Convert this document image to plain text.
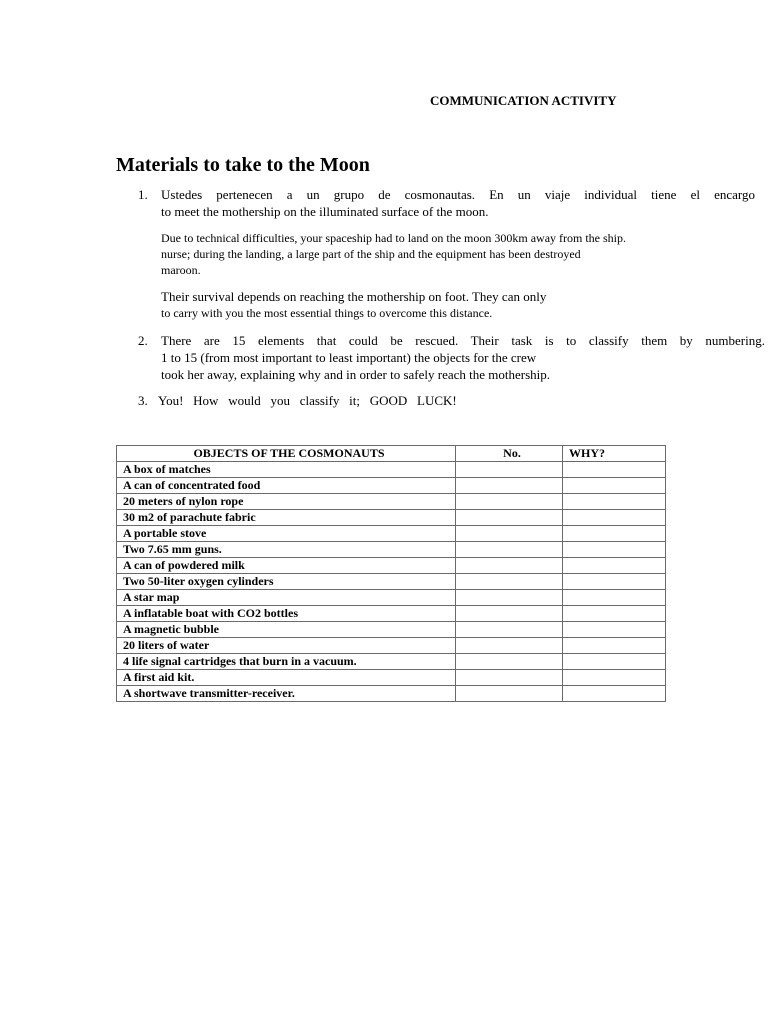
COMMUNICATION ACTIVITY
Materials to take to the Moon
1. Ustedes pertenecen a un grupo de cosmonautas. En un viaje individual tiene el encargo
to meet the mothership on the illuminated surface of the moon.
Due to technical difficulties, your spaceship had to land on the moon 300km away from the ship.
nurse; during the landing, a large part of the ship and the equipment has been destroyed
maroon.
Their survival depends on reaching the mothership on foot. They can only
to carry with you the most essential things to overcome this distance.
2. There are 15 elements that could be rescued. Their task is to classify them by numbering.
1 to 15 (from most important to least important) the objects for the crew
took her away, explaining why and in order to safely reach the mothership.
3. You!   How   would   you   classify   it;   GOOD   LUCK!
OBJECTS OF THE COSMONAUTS	No.	WHY?
A box of matches		
A can of concentrated food		
20 meters of nylon rope		
30 m2 of parachute fabric		
A portable stove		
Two 7.65 mm guns.		
A can of powdered milk		
Two 50-liter oxygen cylinders		
A star map		
A inflatable boat with CO2 bottles		
A magnetic bubble		
20 liters of water		
4 life signal cartridges that burn in a vacuum.		
A first aid kit.		
A shortwave transmitter-receiver.		
